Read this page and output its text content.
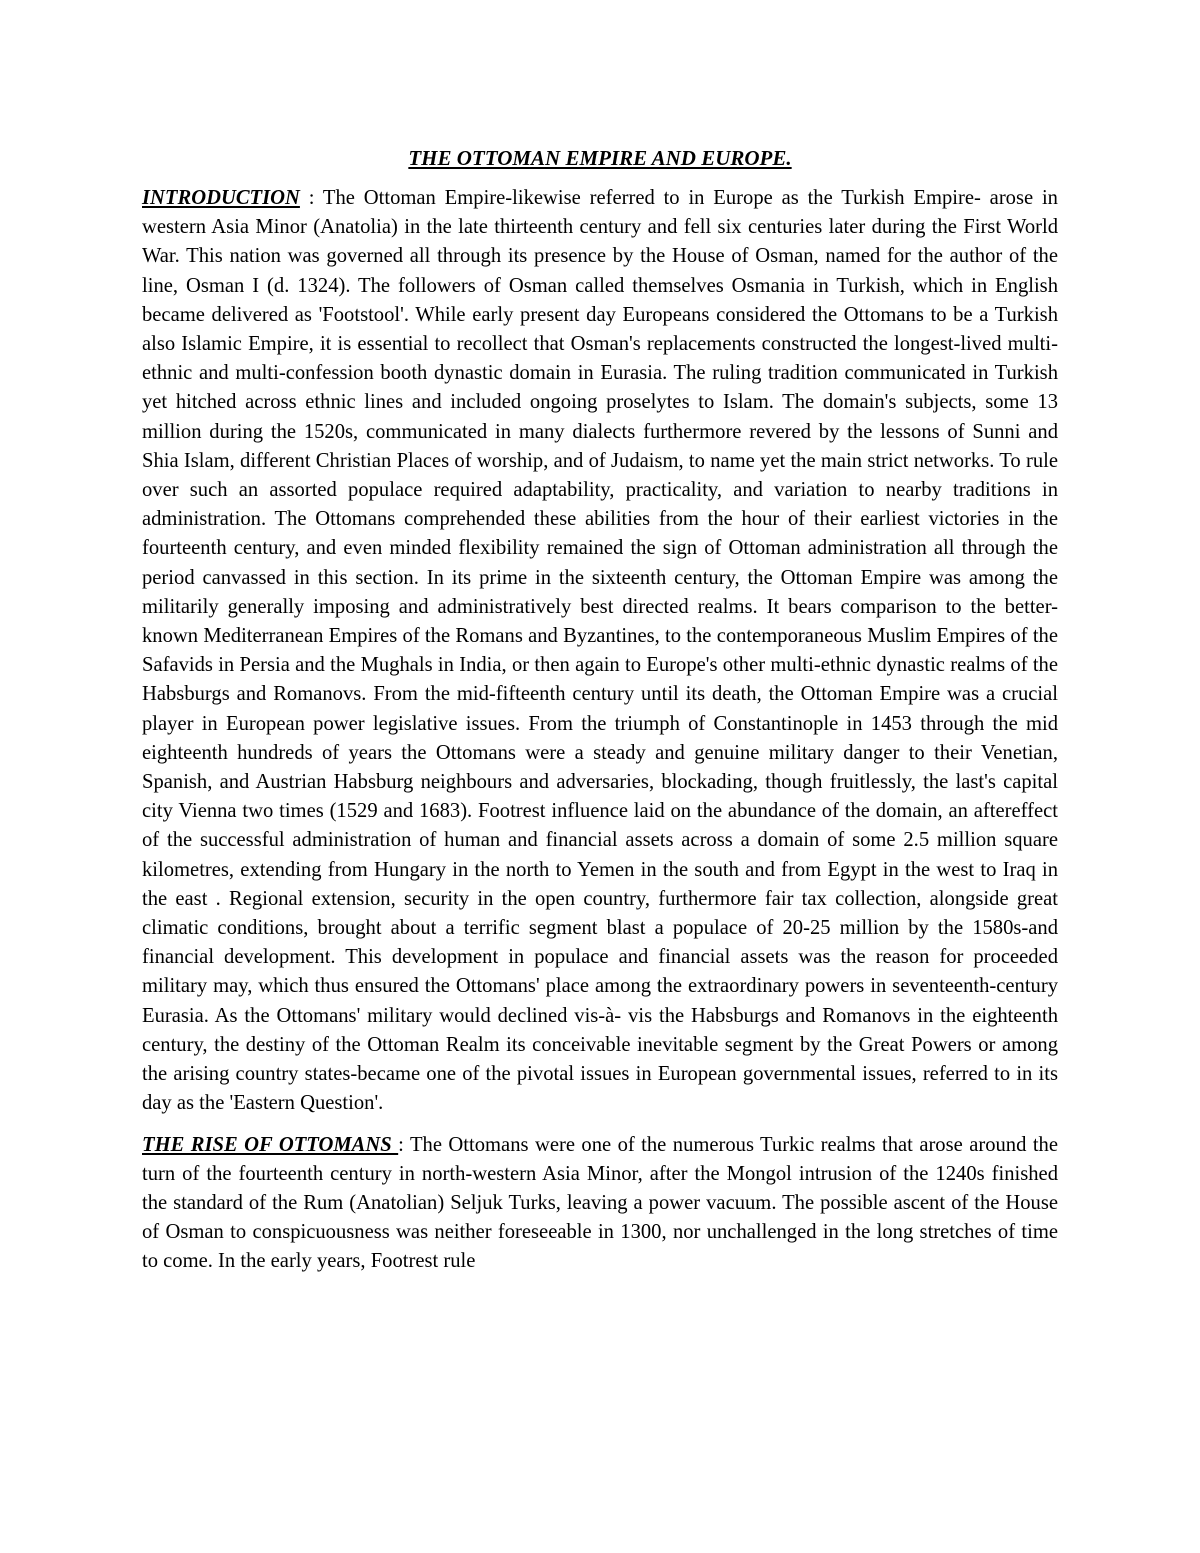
THE OTTOMAN EMPIRE AND EUROPE.

INTRODUCTION : The Ottoman Empire-likewise referred to in Europe as the Turkish Empire- arose in western Asia Minor (Anatolia) in the late thirteenth century and fell six centuries later during the First World War. This nation was governed all through its presence by the House of Osman, named for the author of the line, Osman I (d. 1324). The followers of Osman called themselves Osmania in Turkish, which in English became delivered as 'Footstool'. While early present day Europeans considered the Ottomans to be a Turkish also Islamic Empire, it is essential to recollect that Osman's replacements constructed the longest-lived multi-ethnic and multi-confession booth dynastic domain in Eurasia. The ruling tradition communicated in Turkish yet hitched across ethnic lines and included ongoing proselytes to Islam. The domain's subjects, some 13 million during the 1520s, communicated in many dialects furthermore revered by the lessons of Sunni and Shia Islam, different Christian Places of worship, and of Judaism, to name yet the main strict networks. To rule over such an assorted populace required adaptability, practicality, and variation to nearby traditions in administration. The Ottomans comprehended these abilities from the hour of their earliest victories in the fourteenth century, and even minded flexibility remained the sign of Ottoman administration all through the period canvassed in this section. In its prime in the sixteenth century, the Ottoman Empire was among the militarily generally imposing and administratively best directed realms. It bears comparison to the better-known Mediterranean Empires of the Romans and Byzantines, to the contemporaneous Muslim Empires of the Safavids in Persia and the Mughals in India, or then again to Europe's other multi-ethnic dynastic realms of the Habsburgs and Romanovs. From the mid-fifteenth century until its death, the Ottoman Empire was a crucial player in European power legislative issues. From the triumph of Constantinople in 1453 through the mid eighteenth hundreds of years the Ottomans were a steady and genuine military danger to their Venetian, Spanish, and Austrian Habsburg neighbours and adversaries, blockading, though fruitlessly, the last's capital city Vienna two times (1529 and 1683). Footrest influence laid on the abundance of the domain, an aftereffect of the successful administration of human and financial assets across a domain of some 2.5 million square kilometres, extending from Hungary in the north to Yemen in the south and from Egypt in the west to Iraq in the east . Regional extension, security in the open country, furthermore fair tax collection, alongside great climatic conditions, brought about a terrific segment blast a populace of 20-25 million by the 1580s-and financial development. This development in populace and financial assets was the reason for proceeded military may, which thus ensured the Ottomans' place among the extraordinary powers in seventeenth-century Eurasia. As the Ottomans' military would declined vis-à- vis the Habsburgs and Romanovs in the eighteenth century, the destiny of the Ottoman Realm its conceivable inevitable segment by the Great Powers or among the arising country states-became one of the pivotal issues in European governmental issues, referred to in its day as the 'Eastern Question'.

THE RISE OF OTTOMANS : The Ottomans were one of the numerous Turkic realms that arose around the turn of the fourteenth century in north-western Asia Minor, after the Mongol intrusion of the 1240s finished the standard of the Rum (Anatolian) Seljuk Turks, leaving a power vacuum. The possible ascent of the House of Osman to conspicuousness was neither foreseeable in 1300, nor unchallenged in the long stretches of time to come. In the early years, Footrest rule
